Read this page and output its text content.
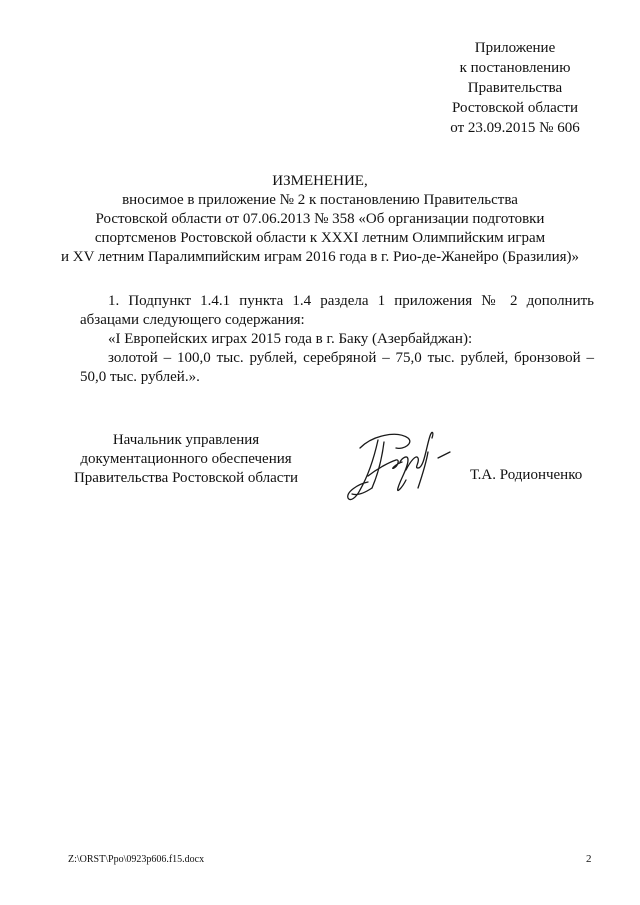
Приложение
к постановлению
Правительства
Ростовской области
от 23.09.2015 № 606
ИЗМЕНЕНИЕ,
вносимое в приложение № 2 к постановлению Правительства
Ростовской области от 07.06.2013 № 358 «Об организации подготовки
спортсменов Ростовской области к XXXI летним Олимпийским играм
и XV летним Паралимпийским играм 2016 года в г. Рио-де-Жанейро (Бразилия)»
1. Подпункт 1.4.1 пункта 1.4 раздела 1 приложения № 2 дополнить абзацами следующего содержания:
«I Европейских играх 2015 года в г. Баку (Азербайджан):
золотой – 100,0 тыс. рублей, серебряной – 75,0 тыс. рублей, бронзовой –
50,0 тыс. рублей.».
Начальник управления
документационного обеспечения
Правительства Ростовской области	Т.А. Родионченко
Z:\ORST\Ppo\0923p606.f15.docx	2
